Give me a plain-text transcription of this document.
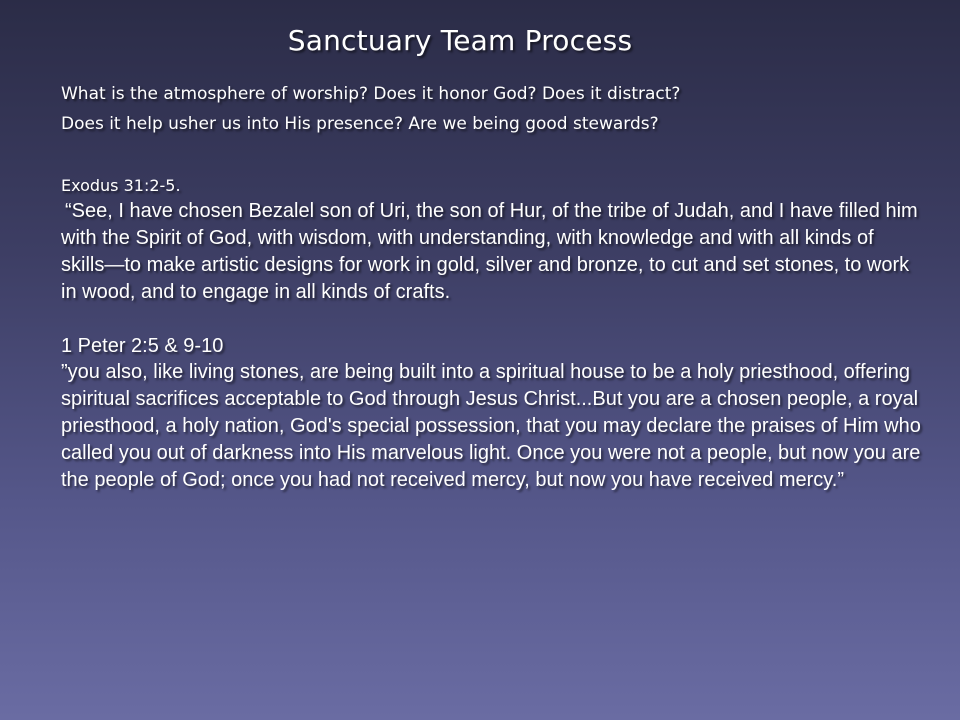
Sanctuary Team Process
What is the atmosphere of worship? Does it honor God? Does it distract?
Does it help usher us into His presence? Are we being good stewards?
Exodus 31:2-5.
“See, I have chosen Bezalel son of Uri, the son of Hur, of the tribe of Judah, and I have filled him with the Spirit of God, with wisdom, with understanding, with knowledge and with all kinds of skills—to make artistic designs for work in gold, silver and bronze, to cut and set stones, to work in wood, and to engage in all kinds of crafts.
1 Peter 2:5 & 9-10
”you also, like living stones, are being built into a spiritual house to be a holy priesthood, offering spiritual sacrifices acceptable to God through Jesus Christ...But you are a chosen people, a royal priesthood, a holy nation, God's special possession, that you may declare the praises of Him who called you out of darkness into His marvelous light. Once you were not a people, but now you are the people of God; once you had not received mercy, but now you have received mercy.”
